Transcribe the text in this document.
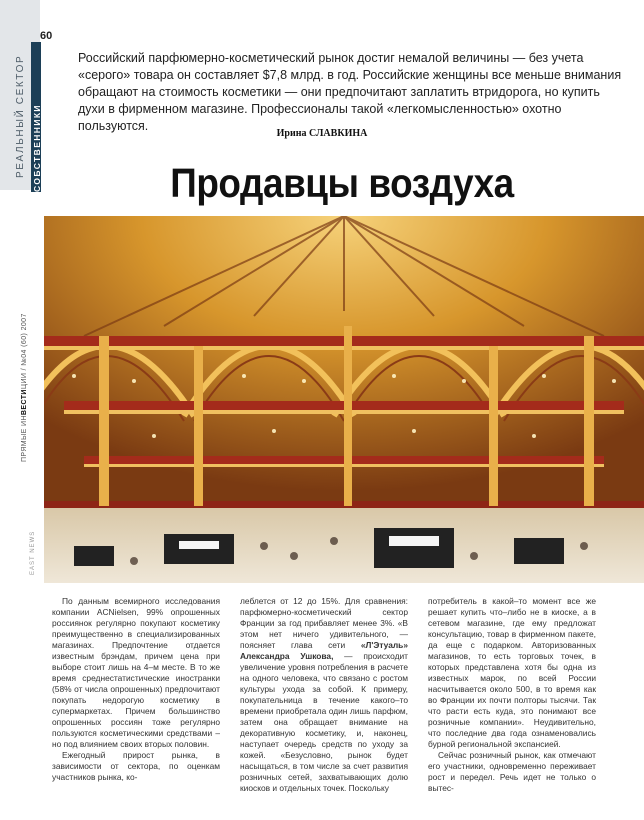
60
РЕАЛЬНЫЙ СЕКТОР СОБСТВЕННИКИ
ПРЯМЫЕ ИНВЕСТИЦИИ / №04 (60) 2007
EAST NEWS
Российский парфюмерно-косметический рынок достиг немалой величины — без учета «серого» товара он составляет $7,8 млрд. в год. Российские женщины все меньше внимания обращают на стоимость косметики — они предпочитают заплатить втридорога, но купить духи в фирменном магазине. Профессионалы такой «легкомысленностью» охотно пользуются.
Ирина СЛАВКИНА
Продавцы воздуха

По данным всемирного исследования компании ACNielsen, 99% опрошенных россиянок регулярно покупают косметику преимущественно в специализированных магазинах. Предпочтение отдается известным брэндам, причем цена при выборе стоит лишь на 4–м месте. В то же время среднестатистические иностранки (58% от числа опрошенных) предпочитают покупать недорогую косметику в супермаркетах. Причем большинство опрошенных россиян тоже регулярно пользуются косметическими средствами – но под влиянием своих вторых половин.

Ежегодный прирост рынка, в зависимости от сектора, по оценкам участников рынка, ко-

леблется от 12 до 15%. Для сравнения: парфюмерно-косметический сектор Франции за год прибавляет менее 3%. «В этом нет ничего удивительного, — поясняет глава сети «Л'Этуаль» Александра Ушкова, — происходит увеличение уровня потребления в расчете на одного человека, что связано с ростом культуры ухода за собой. К примеру, покупательница в течение какого–то времени приобретала один лишь парфюм, затем она обращает внимание на декоративную косметику, и, наконец, наступает очередь средств по уходу за кожей. «Безусловно, рынок будет насыщаться, в том числе за счет развития розничных сетей, захватывающих долю киосков и отдельных точек. Поскольку

потребитель в какой–то момент все же решает купить что–либо не в киоске, а в сетевом магазине, где ему предложат консультацию, товар в фирменном пакете, да еще с подарком. Авторизованных магазинов, то есть торговых точек, в которых представлена хотя бы одна из известных марок, по всей России насчитывается около 500, в то время как во Франции их почти полторы тысячи. Так что расти есть куда, это понимают все розничные компании». Неудивительно, что последние два года ознаменовались бурной региональной экспансией.

Сейчас розничный рынок, как отмечают его участники, одновременно переживает рост и передел. Речь идет не только о вытес-
